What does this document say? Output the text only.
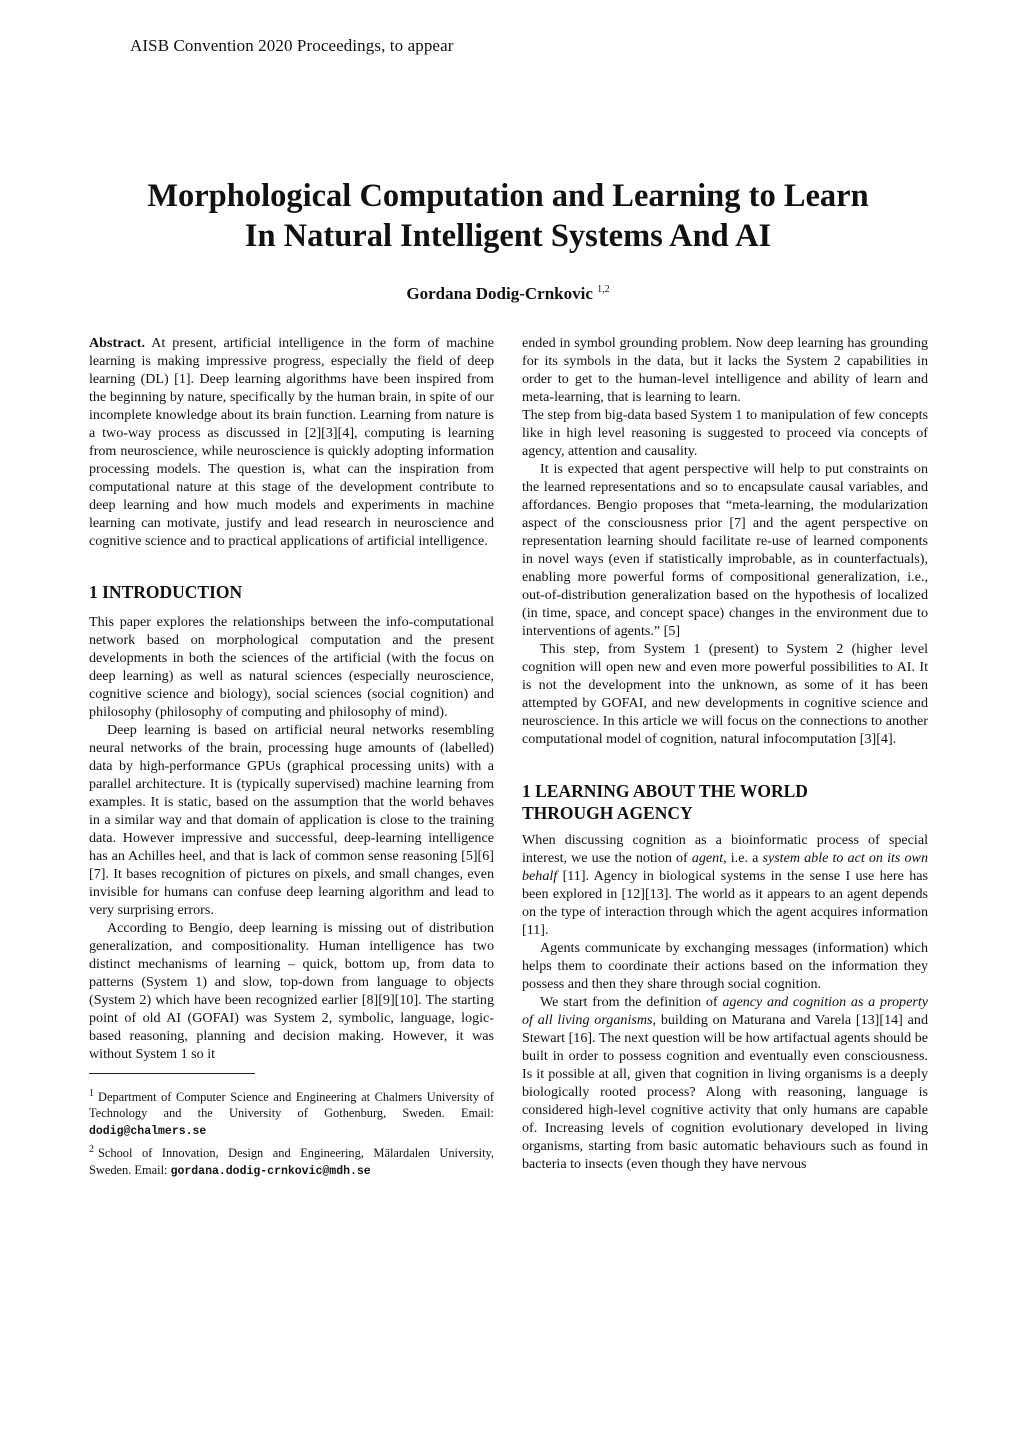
AISB Convention 2020 Proceedings, to appear
Morphological Computation and Learning to Learn
In Natural Intelligent Systems And AI
Gordana Dodig-Crnkovic $^{1,2}$

Abstract. At present, artificial intelligence in the form of machine learning is making impressive progress, especially the field of deep learning (DL) [1]. Deep learning algorithms have been inspired from the beginning by nature, specifically by the human brain, in spite of our incomplete knowledge about its brain function. Learning from nature is a two-way process as discussed in [2][3][4], computing is learning from neuroscience, while neuroscience is quickly adopting information processing models. The question is, what can the inspiration from computational nature at this stage of the development contribute to deep learning and how much models and experiments in machine learning can motivate, justify and lead research in neuroscience and cognitive science and to practical applications of artificial intelligence.

1 INTRODUCTION

This paper explores the relationships between the info-computational network based on morphological computation and the present developments in both the sciences of the artificial (with the focus on deep learning) as well as natural sciences (especially neuroscience, cognitive science and biology), social sciences (social cognition) and philosophy (philosophy of computing and philosophy of mind).

Deep learning is based on artificial neural networks resembling neural networks of the brain, processing huge amounts of (labelled) data by high-performance GPUs (graphical processing units) with a parallel architecture. It is (typically supervised) machine learning from examples. It is static, based on the assumption that the world behaves in a similar way and that domain of application is close to the training data. However impressive and successful, deep-learning intelligence has an Achilles heel, and that is lack of common sense reasoning [5][6][7]. It bases recognition of pictures on pixels, and small changes, even invisible for humans can confuse deep learning algorithm and lead to very surprising errors.

According to Bengio, deep learning is missing out of distribution generalization, and compositionality. Human intelligence has two distinct mechanisms of learning – quick, bottom up, from data to patterns (System 1) and slow, top-down from language to objects (System 2) which have been recognized earlier [8][9][10]. The starting point of old AI (GOFAI) was System 2, symbolic, language, logic-based reasoning, planning and decision making. However, it was without System 1 so it

$^1$ Department of Computer Science and Engineering at Chalmers University of Technology and the University of Gothenburg, Sweden. Email: dodig@chalmers.se

$^2$ School of Innovation, Design and Engineering, Mälardalen University, Sweden. Email: gordana.dodig-crnkovic@mdh.se

ended in symbol grounding problem. Now deep learning has grounding for its symbols in the data, but it lacks the System 2 capabilities in order to get to the human-level intelligence and ability of learn and meta-learning, that is learning to learn.

The step from big-data based System 1 to manipulation of few concepts like in high level reasoning is suggested to proceed via concepts of agency, attention and causality.

It is expected that agent perspective will help to put constraints on the learned representations and so to encapsulate causal variables, and affordances. Bengio proposes that “meta-learning, the modularization aspect of the consciousness prior [7] and the agent perspective on representation learning should facilitate re-use of learned components in novel ways (even if statistically improbable, as in counterfactuals), enabling more powerful forms of compositional generalization, i.e., out-of-distribution generalization based on the hypothesis of localized (in time, space, and concept space) changes in the environment due to interventions of agents.” [5]

This step, from System 1 (present) to System 2 (higher level cognition will open new and even more powerful possibilities to AI. It is not the development into the unknown, as some of it has been attempted by GOFAI, and new developments in cognitive science and neuroscience. In this article we will focus on the connections to another computational model of cognition, natural infocomputation [3][4].

1 LEARNING ABOUT THE WORLD
THROUGH AGENCY

When discussing cognition as a bioinformatic process of special interest, we use the notion of agent, i.e. a system able to act on its own behalf [11]. Agency in biological systems in the sense I use here has been explored in [12][13]. The world as it appears to an agent depends on the type of interaction through which the agent acquires information [11].

Agents communicate by exchanging messages (information) which helps them to coordinate their actions based on the information they possess and then they share through social cognition.

We start from the definition of agency and cognition as a property of all living organisms, building on Maturana and Varela [13][14] and Stewart [16]. The next question will be how artifactual agents should be built in order to possess cognition and eventually even consciousness. Is it possible at all, given that cognition in living organisms is a deeply biologically rooted process? Along with reasoning, language is considered high-level cognitive activity that only humans are capable of. Increasing levels of cognition evolutionary developed in living organisms, starting from basic automatic behaviours such as found in bacteria to insects (even though they have nervous
